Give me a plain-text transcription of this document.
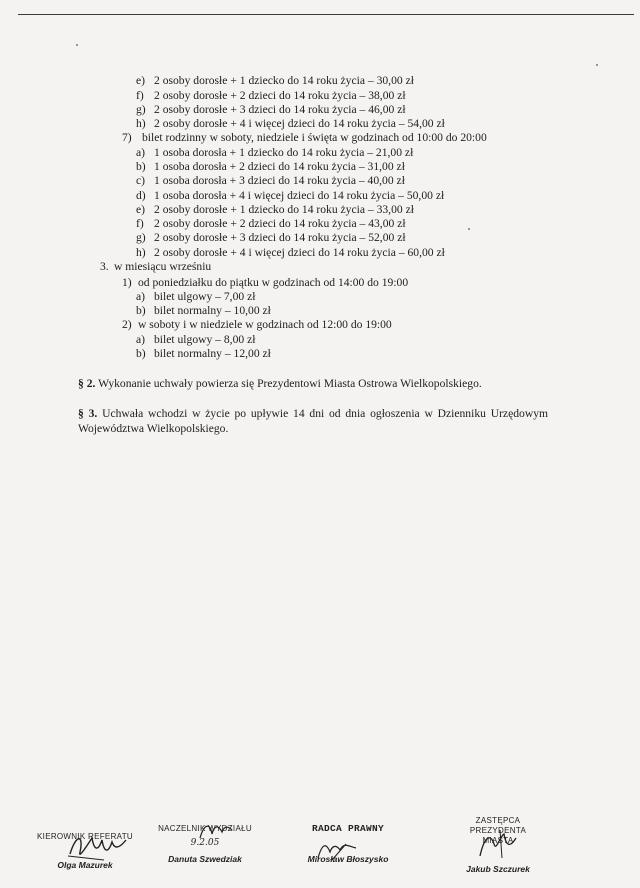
e) 2 osoby dorosłe + 1 dziecko do 14 roku życia – 30,00 zł
f) 2 osoby dorosłe + 2 dzieci do 14 roku życia – 38,00 zł
g) 2 osoby dorosłe + 3 dzieci do 14 roku życia – 46,00 zł
h) 2 osoby dorosłe + 4 i więcej dzieci do 14 roku życia – 54,00 zł
7) bilet rodzinny w soboty, niedziele i święta w godzinach od 10:00 do 20:00
a) 1 osoba dorosła + 1 dziecko do 14 roku życia – 21,00 zł
b) 1 osoba dorosła + 2 dzieci do 14 roku życia – 31,00 zł
c) 1 osoba dorosła + 3 dzieci do 14 roku życia – 40,00 zł
d) 1 osoba dorosła + 4 i więcej dzieci do 14 roku życia – 50,00 zł
e) 2 osoby dorosłe + 1 dziecko do 14 roku życia – 33,00 zł
f) 2 osoby dorosłe + 2 dzieci do 14 roku życia – 43,00 zł
g) 2 osoby dorosłe + 3 dzieci do 14 roku życia – 52,00 zł
h) 2 osoby dorosłe + 4 i więcej dzieci do 14 roku życia – 60,00 zł
3. w miesiącu wrześniu
1) od poniedziałku do piątku w godzinach od 14:00 do 19:00
a) bilet ulgowy – 7,00 zł
b) bilet normalny – 10,00 zł
2) w soboty i w niedziele w godzinach od 12:00 do 19:00
a) bilet ulgowy – 8,00 zł
b) bilet normalny – 12,00 zł
§ 2. Wykonanie uchwały powierza się Prezydentowi Miasta Ostrowa Wielkopolskiego.
§ 3. Uchwała wchodzi w życie po upływie 14 dni od dnia ogłoszenia w Dzienniku Urzędowym Województwa Wielkopolskiego.
KIEROWNIK REFERATU
Olga Mazurek
NACZELNIK WYDZIAŁU
9.2.05
Danuta Szwedziak
RADCA PRAWNY
Mirosław Błoszysko
ZASTĘPCA PREZYDENTA MIASTA
Jakub Szczurek
